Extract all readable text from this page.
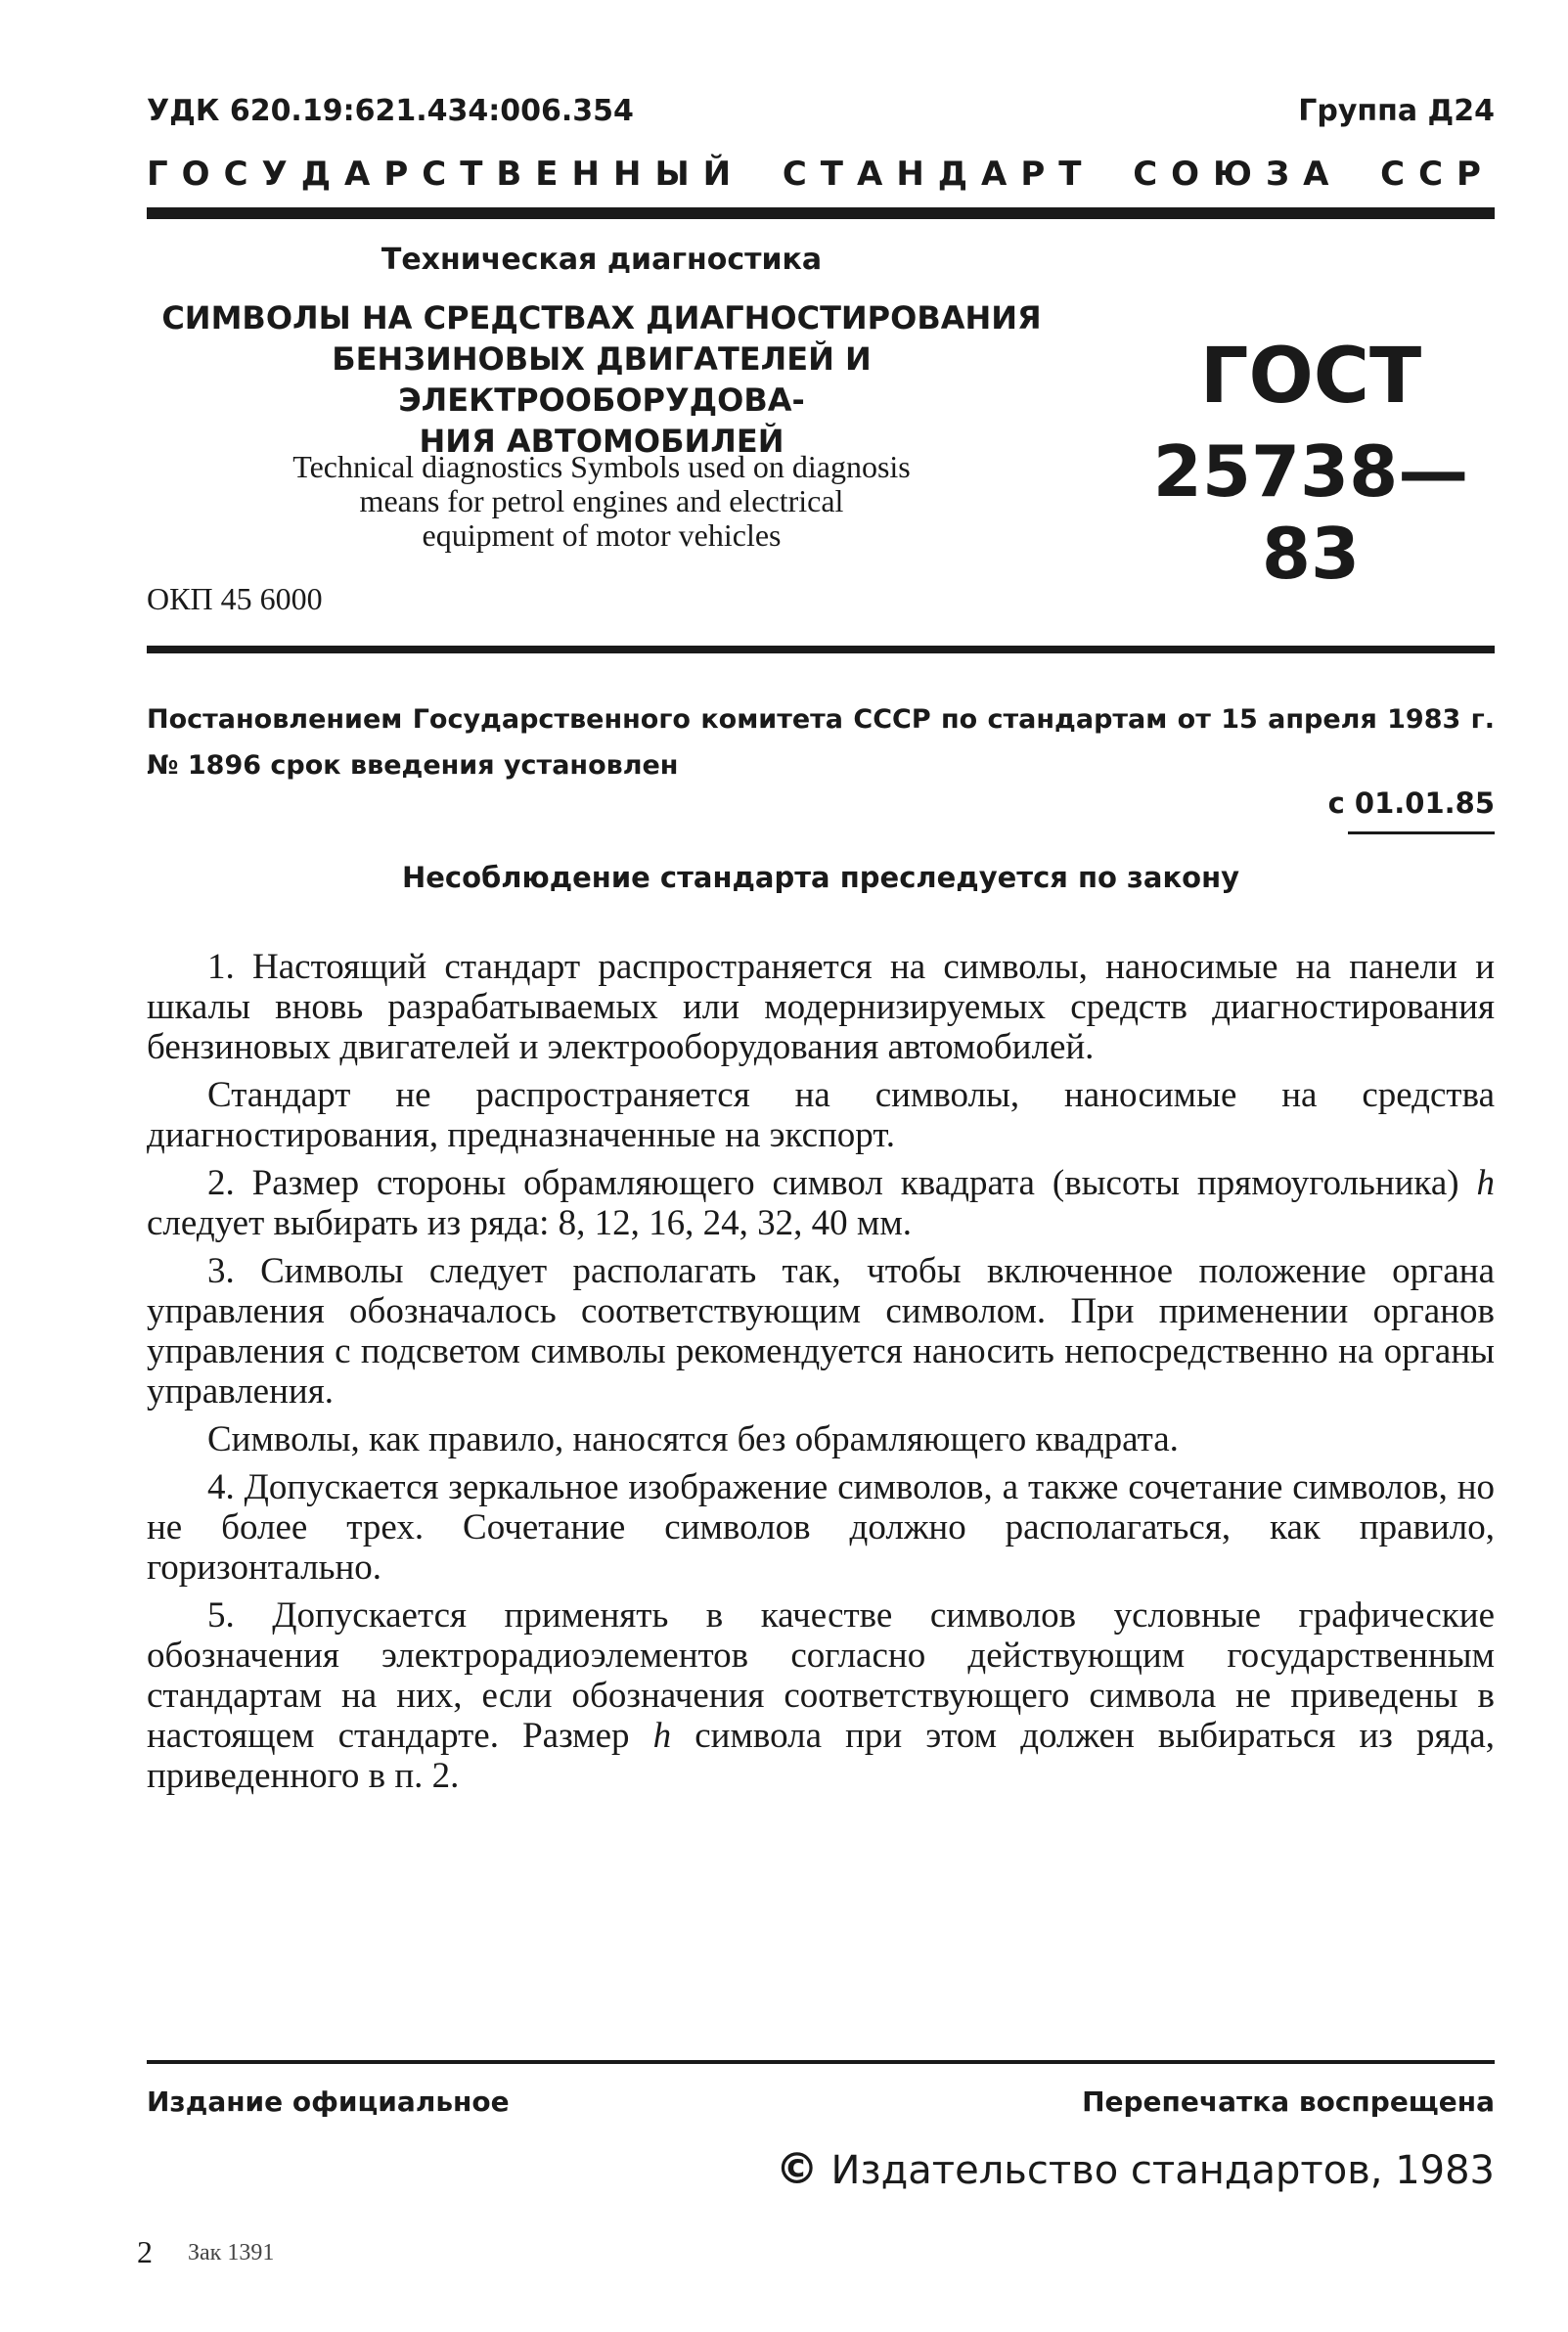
УДК 620.19:621.434:006.354	Группа Д24
ГОСУДАРСТВЕННЫЙ СТАНДАРТ СОЮЗА ССР
Техническая диагностика
СИМВОЛЫ НА СРЕДСТВАХ ДИАГНОСТИРОВАНИЯ
БЕНЗИНОВЫХ ДВИГАТЕЛЕЙ И ЭЛЕКТРООБОРУДОВА-
НИЯ АВТОМОБИЛЕЙ
Technical diagnostics Symbols used on diagnosis
means for petrol engines and electrical
equipment of motor vehicles
ОКП 45 6000
ГОСТ
25738—83
Постановлением Государственного комитета СССР по стандартам от 15 апреля 1983 г. № 1896 срок введения установлен
с 01.01.85
Несоблюдение стандарта преследуется по закону

1. Настоящий стандарт распространяется на символы, наносимые на панели и шкалы вновь разрабатываемых или модернизируемых средств диагностирования бензиновых двигателей и электрооборудования автомобилей.

Стандарт не распространяется на символы, наносимые на средства диагностирования, предназначенные на экспорт.

2. Размер стороны обрамляющего символ квадрата (высоты прямоугольника) h следует выбирать из ряда: 8, 12, 16, 24, 32, 40 мм.

3. Символы следует располагать так, чтобы включенное положение органа управления обозначалось соответствующим символом. При применении органов управления с подсветом символы рекомендуется наносить непосредственно на органы управления.

Символы, как правило, наносятся без обрамляющего квадрата.

4. Допускается зеркальное изображение символов, а также сочетание символов, но не более трех. Сочетание символов должно располагаться, как правило, горизонтально.

5. Допускается применять в качестве символов условные графические обозначения электрорадиоэлементов согласно действующим государственным стандартам на них, если обозначения соответствующего символа не приведены в настоящем стандарте. Размер h символа при этом должен выбираться из ряда, приведенного в п. 2.

Издание официальное	Перепечатка воспрещена
© Издательство стандартов, 1983
2 Зак 1391
